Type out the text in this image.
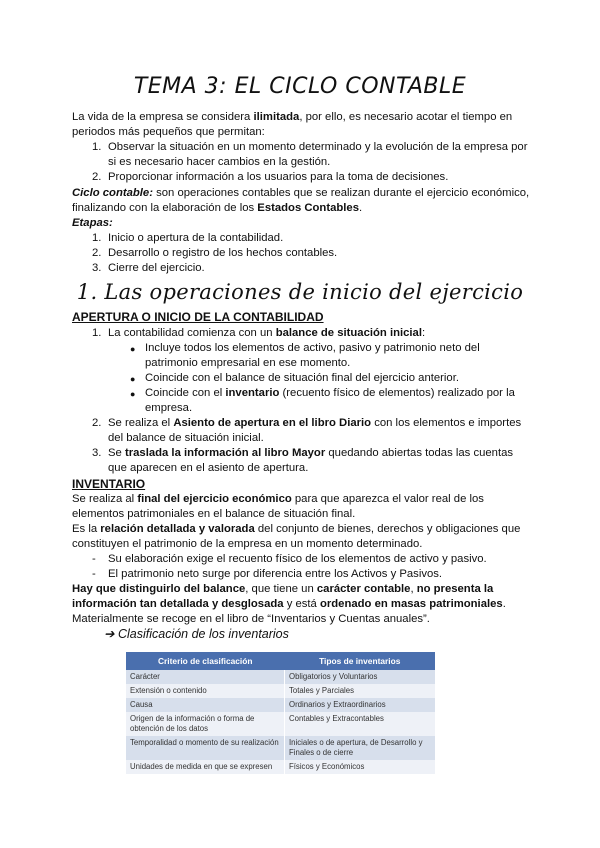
TEMA 3: EL CICLO CONTABLE
La vida de la empresa se considera ilimitada, por ello, es necesario acotar el tiempo en
periodos más pequeños que permitan:
1. Observar la situación en un momento determinado y la evolución de la empresa por
si es necesario hacer cambios en la gestión.
2. Proporcionar información a los usuarios para la toma de decisiones.
Ciclo contable: son operaciones contables que se realizan durante el ejercicio económico,
finalizando con la elaboración de los Estados Contables.
Etapas:
1. Inicio o apertura de la contabilidad.
2. Desarrollo o registro de los hechos contables.
3. Cierre del ejercicio.
1. Las operaciones de inicio del ejercicio
APERTURA O INICIO DE LA CONTABILIDAD
1. La contabilidad comienza con un balance de situación inicial:
● Incluye todos los elementos de activo, pasivo y patrimonio neto del
patrimonio empresarial en ese momento.
● Coincide con el balance de situación final del ejercicio anterior.
● Coincide con el inventario (recuento físico de elementos) realizado por la
empresa.
2. Se realiza el Asiento de apertura en el libro Diario con los elementos e importes
del balance de situación inicial.
3. Se traslada la información al libro Mayor quedando abiertas todas las cuentas
que aparecen en el asiento de apertura.
INVENTARIO
Se realiza al final del ejercicio económico para que aparezca el valor real de los
elementos patrimoniales en el balance de situación final.
Es la relación detallada y valorada del conjunto de bienes, derechos y obligaciones que
constituyen el patrimonio de la empresa en un momento determinado.
- Su elaboración exige el recuento físico de los elementos de activo y pasivo.
- El patrimonio neto surge por diferencia entre los Activos y Pasivos.
Hay que distinguirlo del balance, que tiene un carácter contable, no presenta la
información tan detallada y desglosada y está ordenado en masas patrimoniales.
Materialmente se recoge en el libro de “Inventarios y Cuentas anuales”.
➔ Clasificación de los inventarios
Criterio de clasificación	Tipos de inventarios
Carácter	Obligatorios y Voluntarios
Extensión o contenido	Totales y Parciales
Causa	Ordinarios y Extraordinarios
Origen de la información o forma de obtención de los datos	Contables y Extracontables
Temporalidad o momento de su realización	Iniciales o de apertura, de Desarrollo y Finales o de cierre
Unidades de medida en que se expresen	Físicos y Económicos
